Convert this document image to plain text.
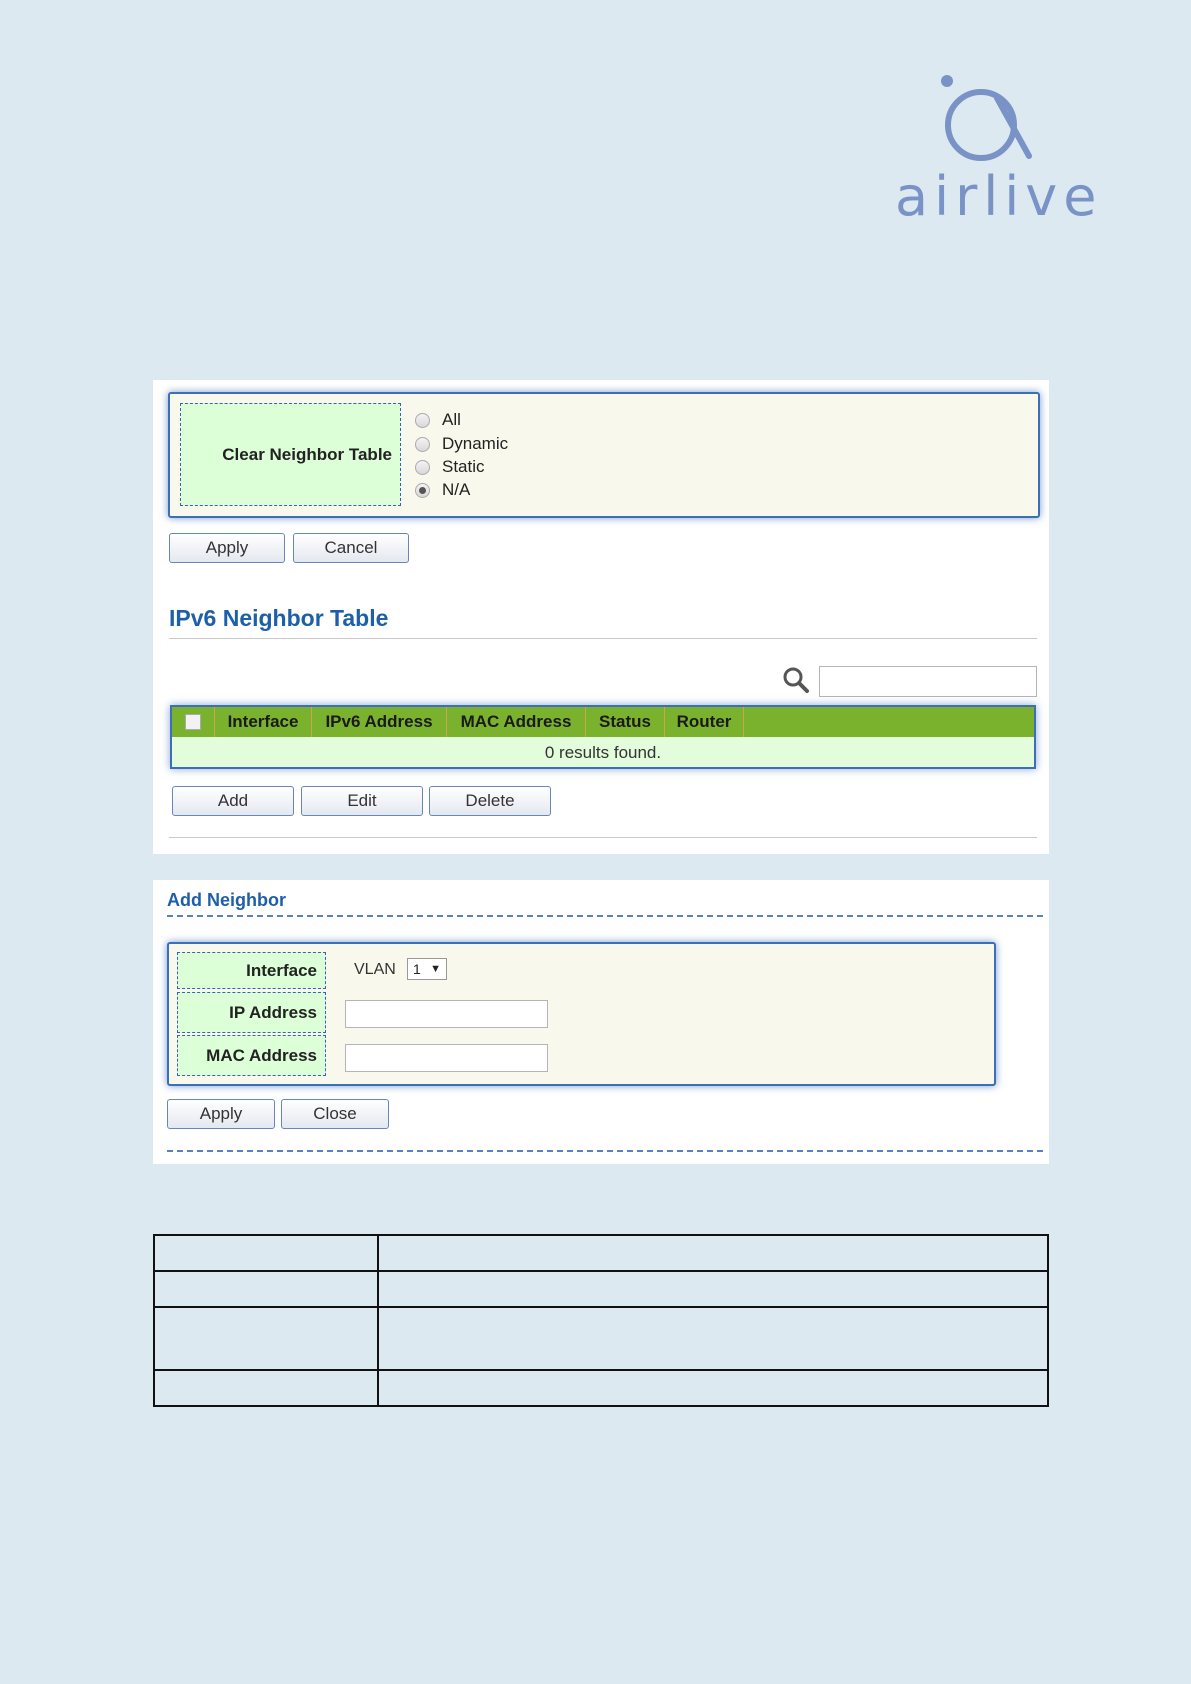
airlive
Clear Neighbor Table
All
Dynamic
Static
N/A
Apply	Cancel
IPv6 Neighbor Table
Interface	IPv6 Address	MAC Address	Status	Router
0 results found.
Add	Edit	Delete
Add Neighbor
Interface	VLAN 1 ▼
IP Address
MAC Address
Apply	Close
